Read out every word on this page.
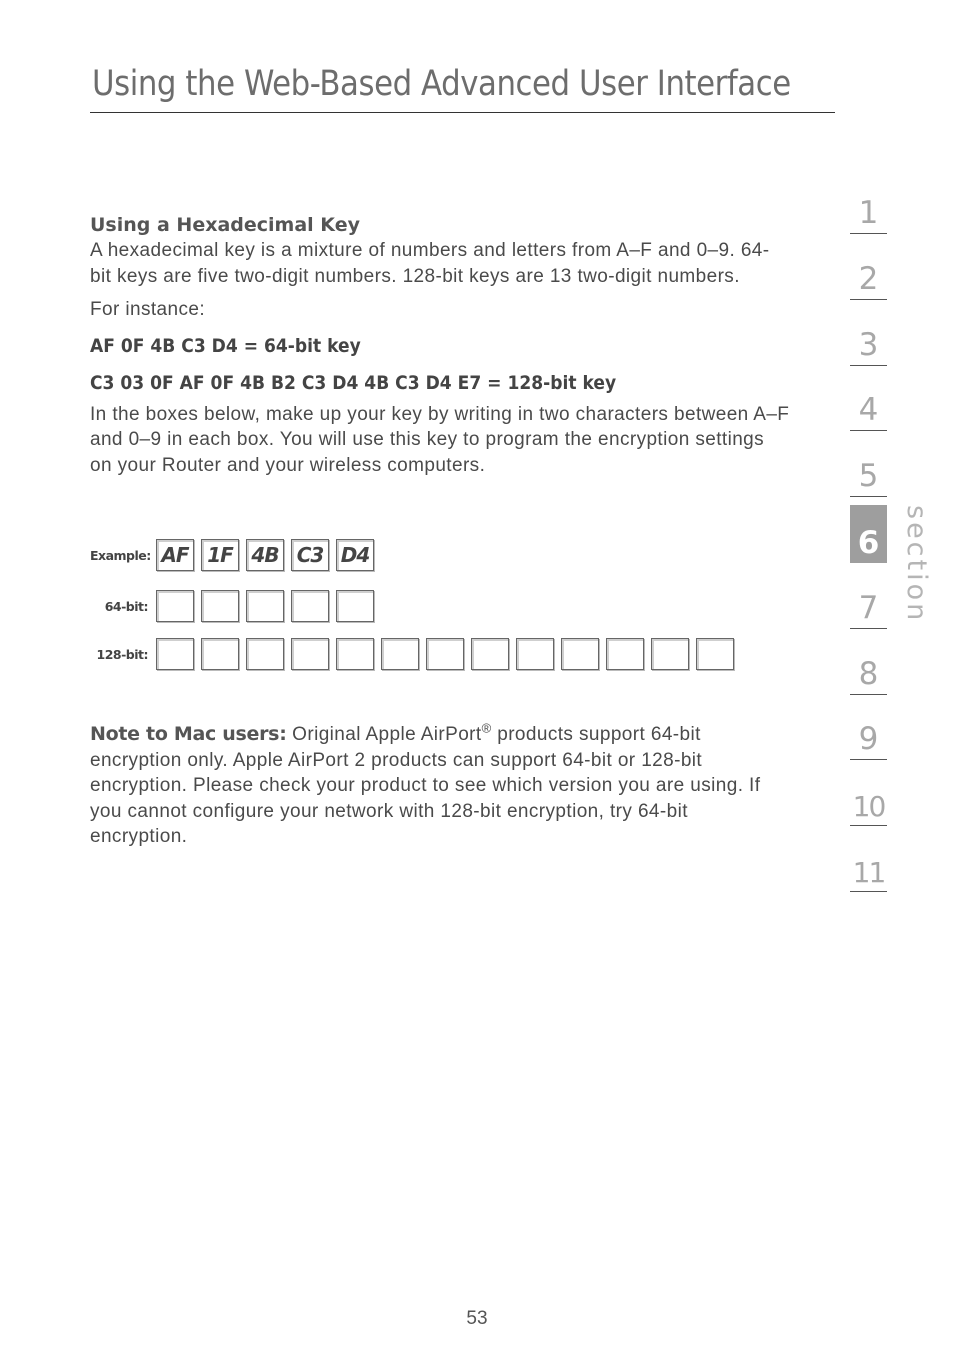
Using the Web-Based Advanced User Interface
Using a Hexadecimal Key

A hexadecimal key is a mixture of numbers and letters from A–F and 0–9. 64-bit keys are five two-digit numbers. 128-bit keys are 13 two-digit numbers.

For instance:

AF 0F 4B C3 D4 = 64-bit key

C3 03 0F AF 0F 4B B2 C3 D4 4B C3 D4 E7 = 128-bit key

In the boxes below, make up your key by writing in two characters between A–F and 0–9 in each box. You will use this key to program the encryption settings on your Router and your wireless computers.

Example: AF 1F 4B C3 D4
64-bit:
128-bit:

Note to Mac users: Original Apple AirPort® products support 64-bit encryption only. Apple AirPort 2 products can support 64-bit or 128-bit encryption. Please check your product to see which version you are using. If you cannot configure your network with 128-bit encryption, try 64-bit encryption.

1
2
3
4
5
6
7
8
9
10
11
section
53
